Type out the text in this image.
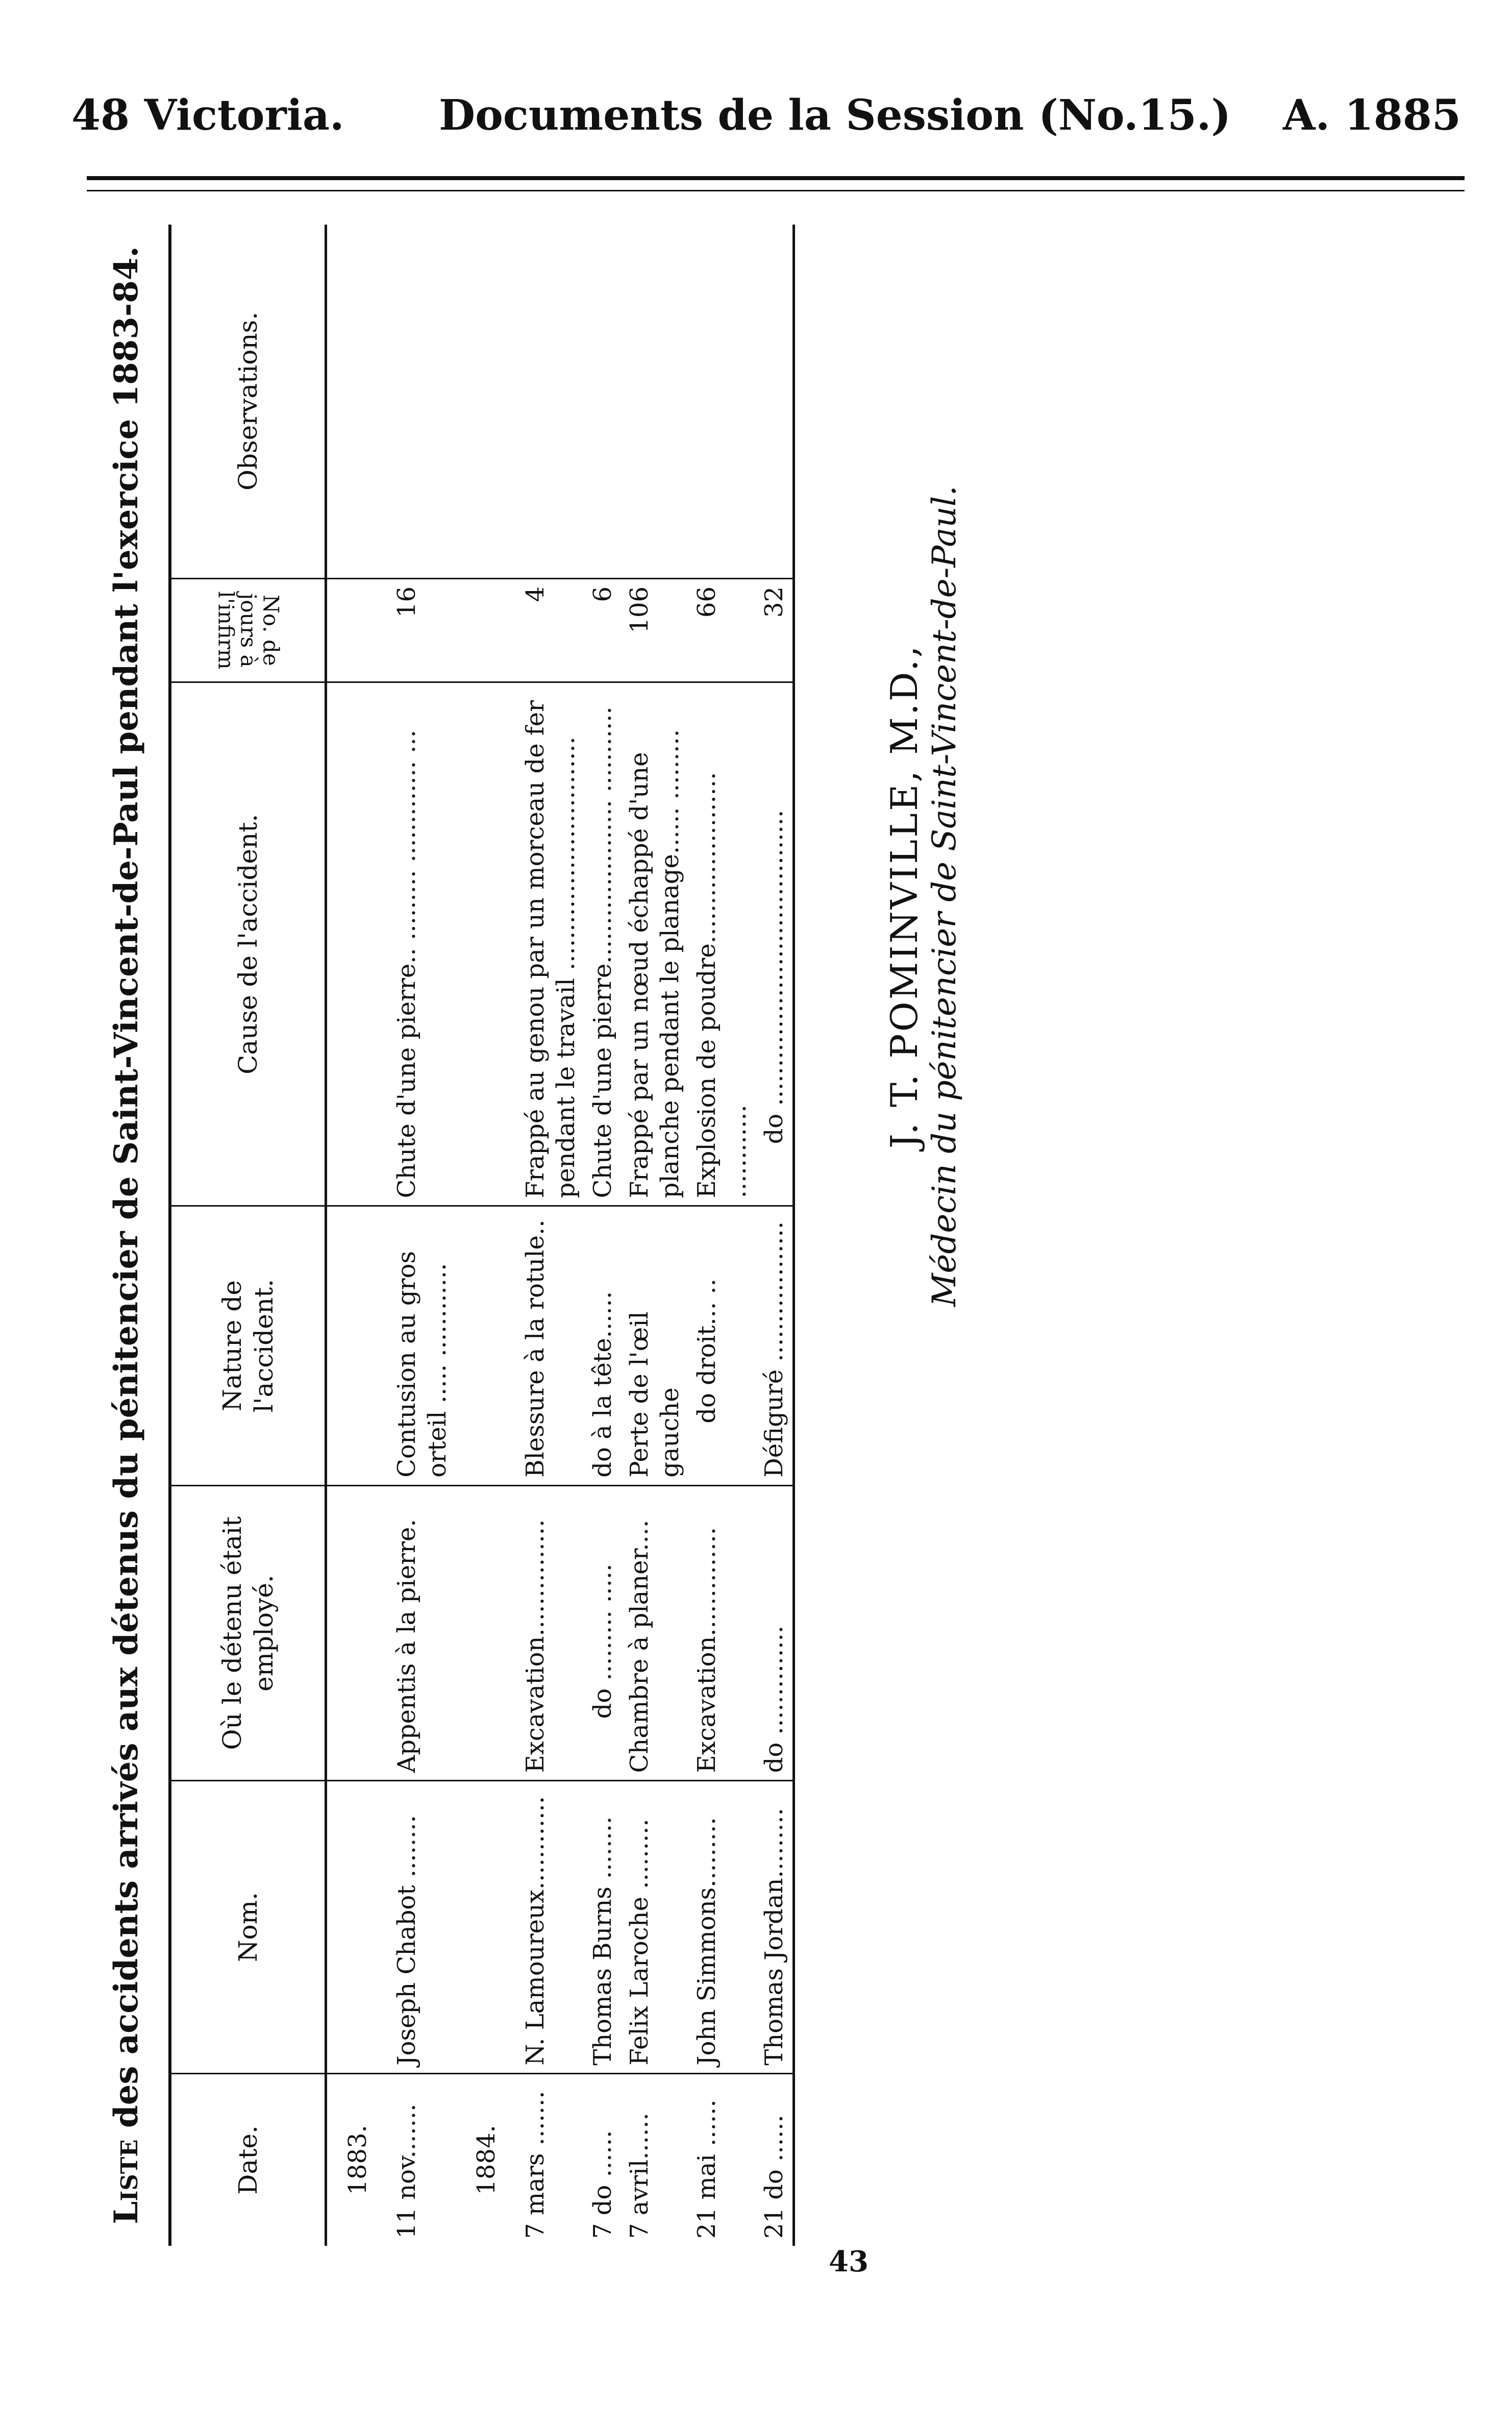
48 Victoria. Documents de la Session (No.15.) A. 1885
Liste des accidents arrivés aux détenus du pénitencier de Saint-Vincent-de-Paul pendant l'exercice 1883-84.
Date.	Nom.	Où le détenu était employé.	Nature de l'accident.	Cause de l'accident.	No. de jours à l'infirm	Observations.
1883.						
11 nov.......	Joseph Chabot ........	Appentis à la pierre.	Contusion au gros orteil ..... ............	Chute d'une pierre.. ......... ............. ...	16	
1884.						
7 mars .......	N. Lamoureux............	Excavation...............	Blessure à la rotule..	Frappé au genou par un morceau de fer pendant le travail ..............................	4	
7 do ......	Thomas Burns ........	do ......... .....	do à la tête......	Chute d'une pierre..................... ...........	6	
7 avril......	Felix Laroche .........	Chambre à planer....	Perte de l'œil gauche	Frappé par un nœud échappé d'une planche pendant le planage...... .........	106	
21 mai ......	John Simmons.........	Excavation..............	do droit... ..	Explosion de poudre...................... ............	66	
21 do ......	Thomas Jordan.........	do ..............	Défiguré ..................	do ......................................	32	
43
J. T. POMINVILLE, M.D., Médecin du pénitencier de Saint-Vincent-de-Paul.
